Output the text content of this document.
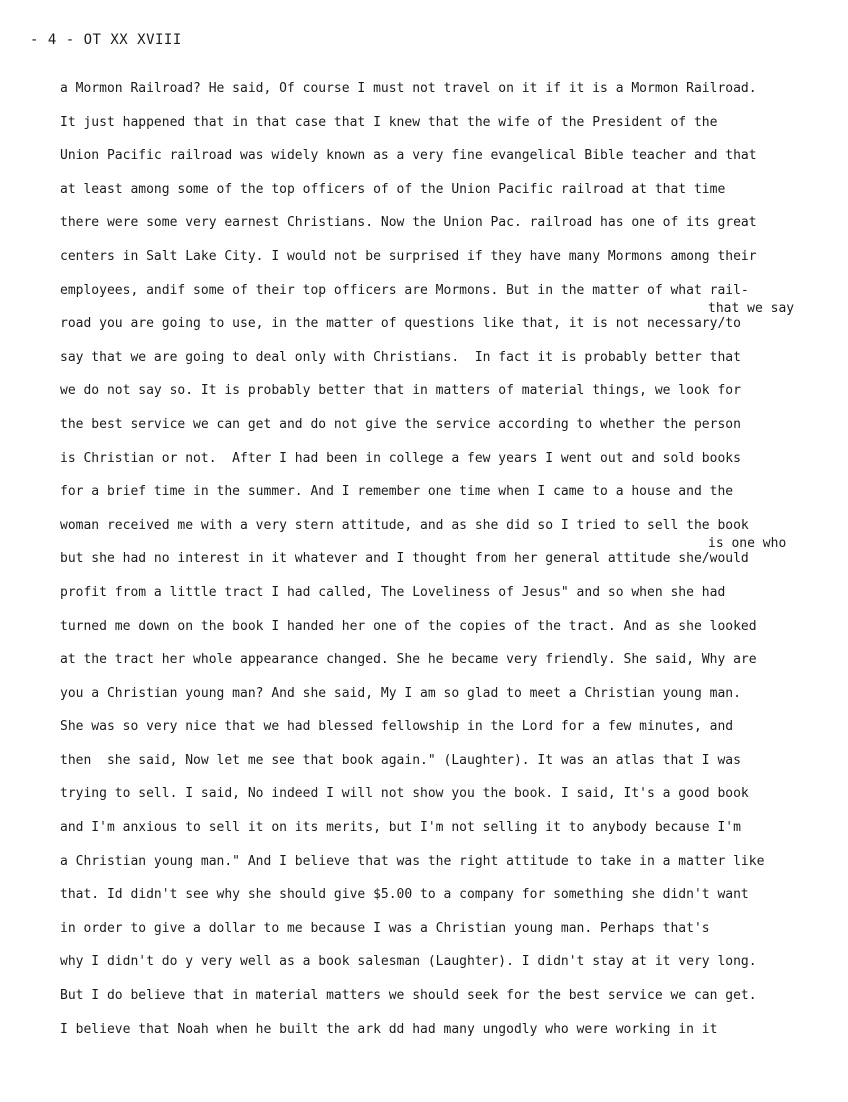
- 4 - OT XX XVIII
a Mormon Railroad? He said, Of course I must not travel on it if it is a Mormon Railroad.
It just happened that in that case that I knew that the wife of the President of the
Union Pacific railroad was widely known as a very fine evangelical Bible teacher and that
at least among some of the top officers of of the Union Pacific railroad at that time
there were some very earnest Christians. Now the Union Pac. railroad has one of its great
centers in Salt Lake City. I would not be surprised if they have many Mormons among their
employees, andif some of their top officers are Mormons. But in the matter of what rail-
road you are going to use, in the matter of questions like that, it is not necessary/to
that we say
say that we are going to deal only with Christians.  In fact it is probably better that
we do not say so. It is probably better that in matters of material things, we look for
the best service we can get and do not give the service according to whether the person
is Christian or not.  After I had been in college a few years I went out and sold books
for a brief time in the summer. And I remember one time when I came to a house and the
woman received me with a very stern attitude, and as she did so I tried to sell the book
but she had no interest in it whatever and I thought from her general attitude she/would
is one who
profit from a little tract I had called, The Loveliness of Jesus" and so when she had
turned me down on the book I handed her one of the copies of the tract. And as she looked
at the tract her whole appearance changed. She he became very friendly. She said, Why are
you a Christian young man? And she said, My I am so glad to meet a Christian young man.
She was so very nice that we had blessed fellowship in the Lord for a few minutes, and
then  she said, Now let me see that book again." (Laughter). It was an atlas that I was
trying to sell. I said, No indeed I will not show you the book. I said, It's a good book
and I'm anxious to sell it on its merits, but I'm not selling it to anybody because I'm
a Christian young man." And I believe that was the right attitude to take in a matter like
that. Id didn't see why she should give $5.00 to a company for something she didn't want
in order to give a dollar to me because I was a Christian young man. Perhaps that's
why I didn't do y very well as a book salesman (Laughter). I didn't stay at it very long.
But I do believe that in material matters we should seek for the best service we can get.
I believe that Noah when he built the ark dd had many ungodly who were working in it
